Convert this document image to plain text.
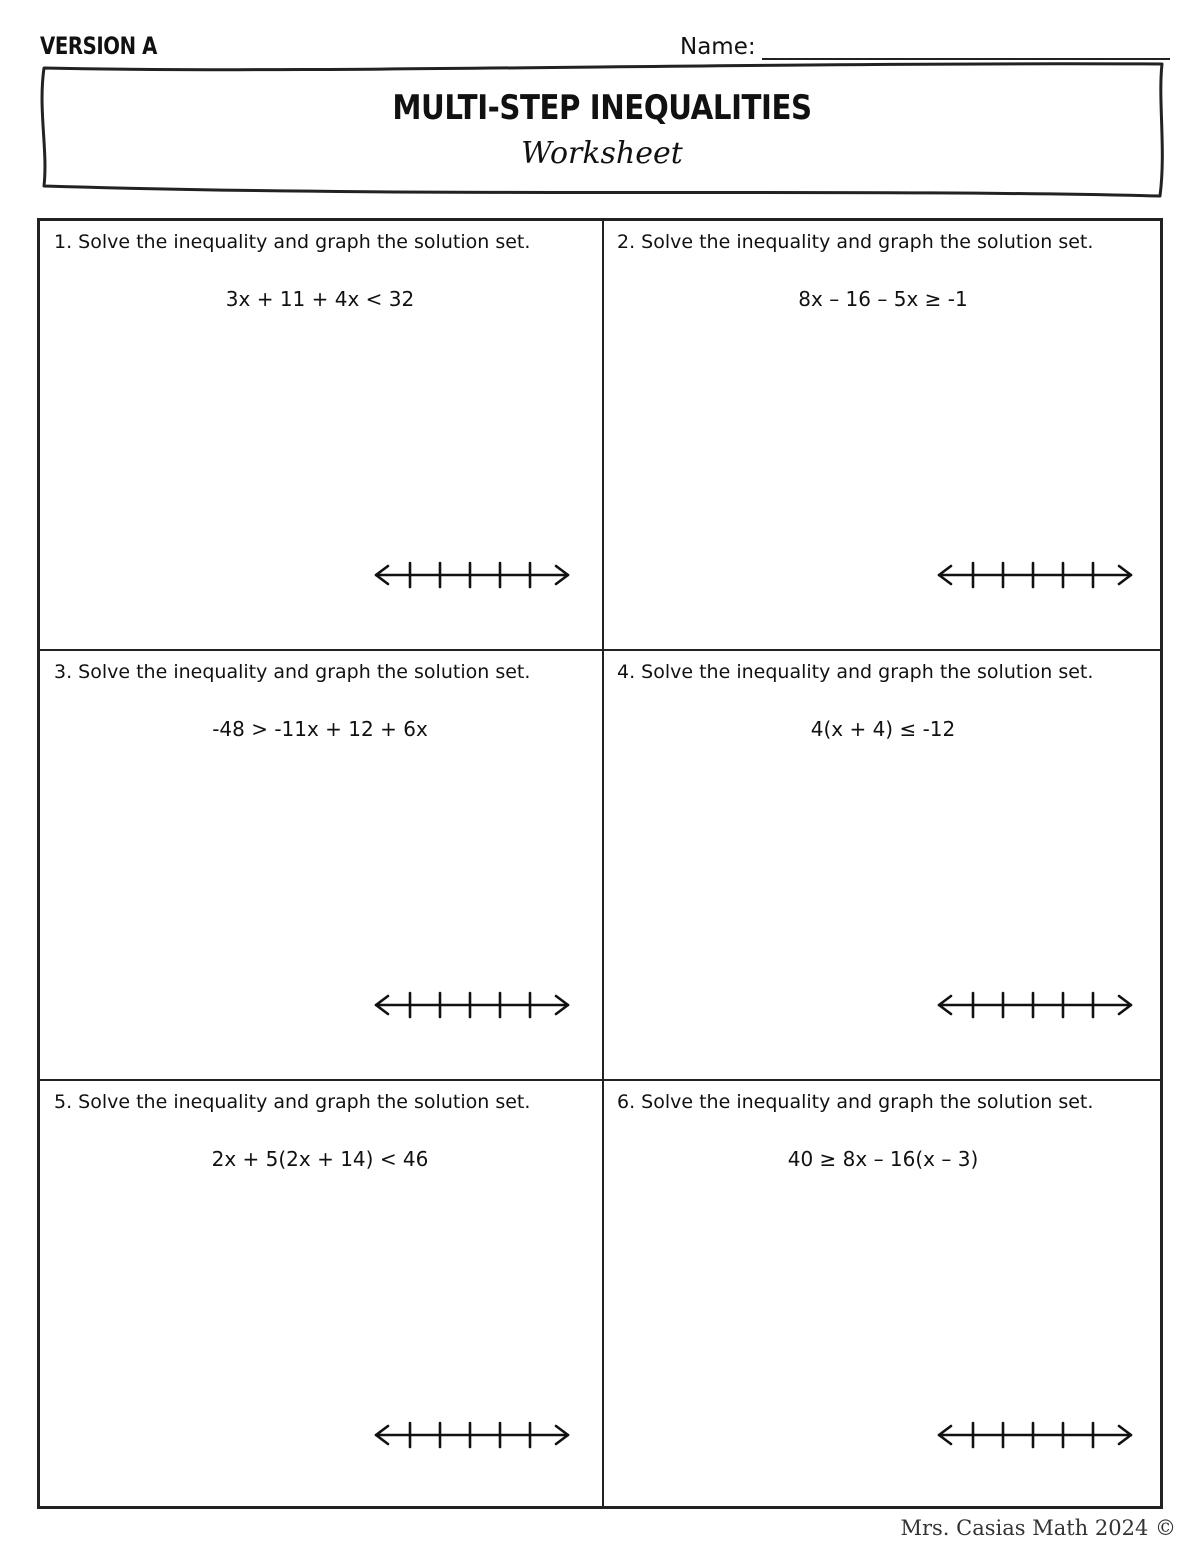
VERSION A	Name:
MULTI-STEP INEQUALITIES
Worksheet
1. Solve the inequality and graph the solution set.
3x + 11 + 4x < 32
2. Solve the inequality and graph the solution set.
8x – 16 – 5x ≥ -1
3. Solve the inequality and graph the solution set.
-48 > -11x + 12 + 6x
4. Solve the inequality and graph the solution set.
4(x + 4) ≤ -12
5. Solve the inequality and graph the solution set.
2x + 5(2x + 14) < 46
6. Solve the inequality and graph the solution set.
40 ≥ 8x – 16(x – 3)
Mrs. Casias Math 2024 ©
